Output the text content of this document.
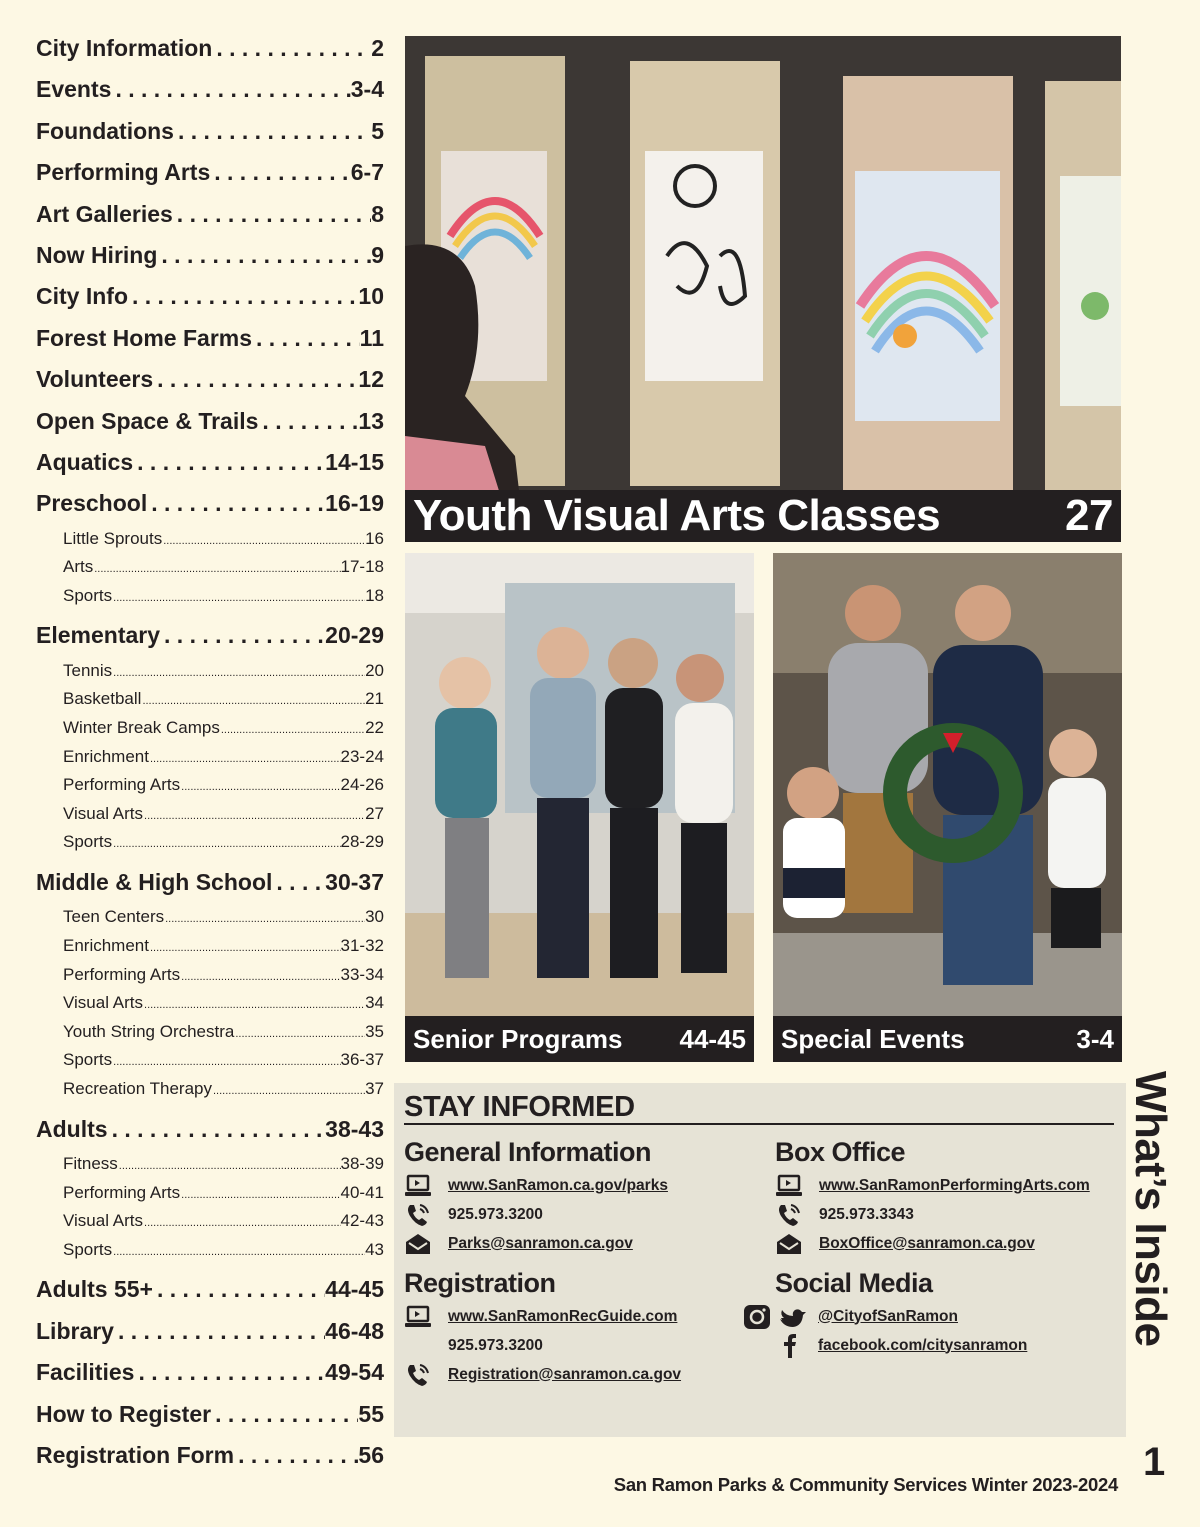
City Information . . .	2
Events . . .	3-4
Foundations . . .	5
Performing Arts . . .	6-7
Art Galleries . . .	8
Now Hiring . . .	9
City Info . . .	10
Forest Home Farms . . .	11
Volunteers . . .	12
Open Space & Trails . . .	13
Aquatics . . .	14-15
Preschool . . .	16-19
Little Sprouts .....	16
Arts .....	17-18
Sports .....	18
Elementary . . .	20-29
Tennis .....	20
Basketball .....	21
Winter Break Camps .....	22
Enrichment .....	23-24
Performing Arts .....	24-26
Visual Arts .....	27
Sports .....	28-29
Middle & High School . . . 30-37
Teen Centers .....	30
Enrichment .....	31-32
Performing Arts .....	33-34
Visual Arts .....	34
Youth String Orchestra .....	35
Sports .....	36-37
Recreation Therapy .....	37
Adults . . .	38-43
Fitness .....	38-39
Performing Arts .....	40-41
Visual Arts .....	42-43
Sports .....	43
Adults 55+ . . .	44-45
Library . . .	46-48
Facilities . . .	49-54
How to Register . . .	55
Registration Form . . .	56
Youth Visual Arts Classes	27
Senior Programs 44-45 Special Events	3-4
STAY INFORMED
General Information
www.SanRamon.ca.gov/parks
925.973.3200
Parks@sanramon.ca.gov
Box Office
www.SanRamonPerformingArts.com
925.973.3343
BoxOffice@sanramon.ca.gov
Registration
www.SanRamonRecGuide.com
925.973.3200
Registration@sanramon.ca.gov
Social Media
@CityofSanRamon
facebook.com/citysanramon What’s Inside
1
San Ramon Parks & Community Services Winter 2023-2024
